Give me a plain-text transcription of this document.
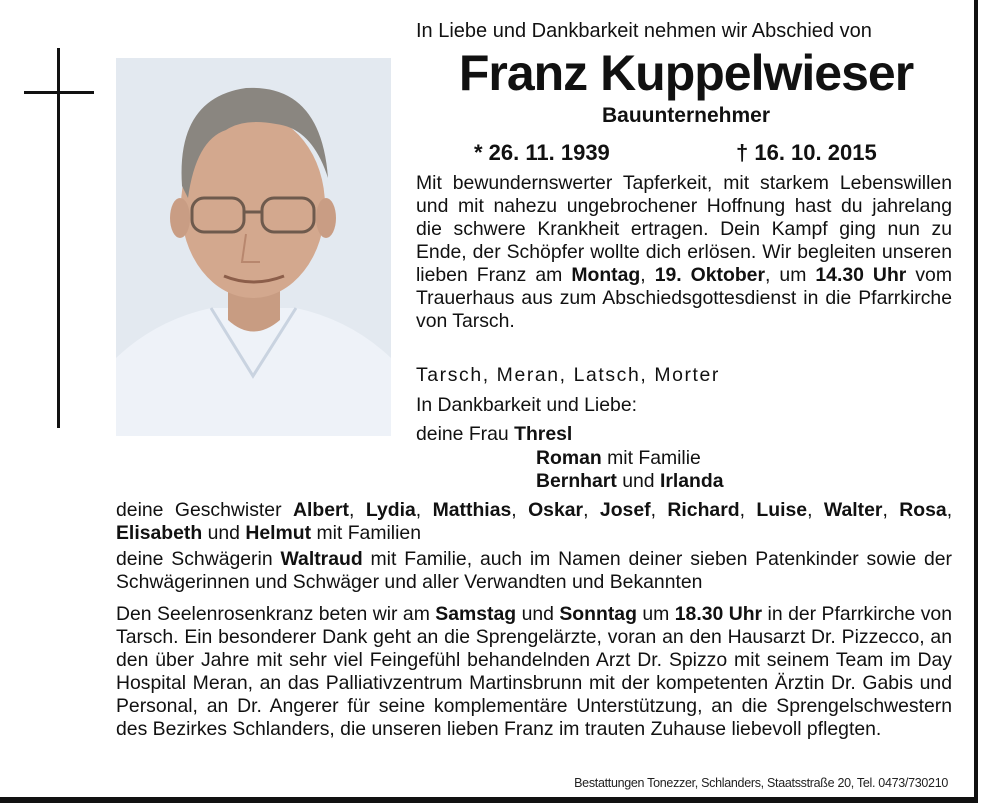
In Liebe und Dankbarkeit nehmen wir Abschied von
Franz Kuppelwieser
Bauunternehmer
* 26. 11. 1939	† 16. 10. 2015
Mit bewundernswerter Tapferkeit, mit starkem Lebenswillen und mit nahezu ungebrochener Hoffnung hast du jahrelang die schwere Krankheit ertragen. Dein Kampf ging nun zu Ende, der Schöpfer wollte dich erlösen. Wir begleiten unseren lieben Franz am Montag, 19. Oktober, um 14.30 Uhr vom Trauerhaus aus zum Abschiedsgottesdienst in die Pfarrkirche von Tarsch.
Tarsch, Meran, Latsch, Morter
In Dankbarkeit und Liebe:
deine Frau Thresl
Roman mit Familie
Bernhart und Irlanda
deine Geschwister Albert, Lydia, Matthias, Oskar, Josef, Richard, Luise, Walter, Rosa, Elisabeth und Helmut mit Familien
deine Schwägerin Waltraud mit Familie, auch im Namen deiner sieben Patenkinder sowie der Schwägerinnen und Schwäger und aller Verwandten und Bekannten
Den Seelenrosenkranz beten wir am Samstag und Sonntag um 18.30 Uhr in der Pfarrkirche von Tarsch. Ein besonderer Dank geht an die Sprengelärzte, voran an den Hausarzt Dr. Pizzecco, an den über Jahre mit sehr viel Feingefühl behandelnden Arzt Dr. Spizzo mit seinem Team im Day Hospital Meran, an das Palliativzentrum Martinsbrunn mit der kompetenten Ärztin Dr. Gabis und Personal, an Dr. Angerer für seine komplementäre Unterstützung, an die Sprengelschwestern des Bezirkes Schlanders, die unseren lieben Franz im trauten Zuhause liebevoll pflegten.
Bestattungen Tonezzer, Schlanders, Staatsstraße 20, Tel. 0473/730210
